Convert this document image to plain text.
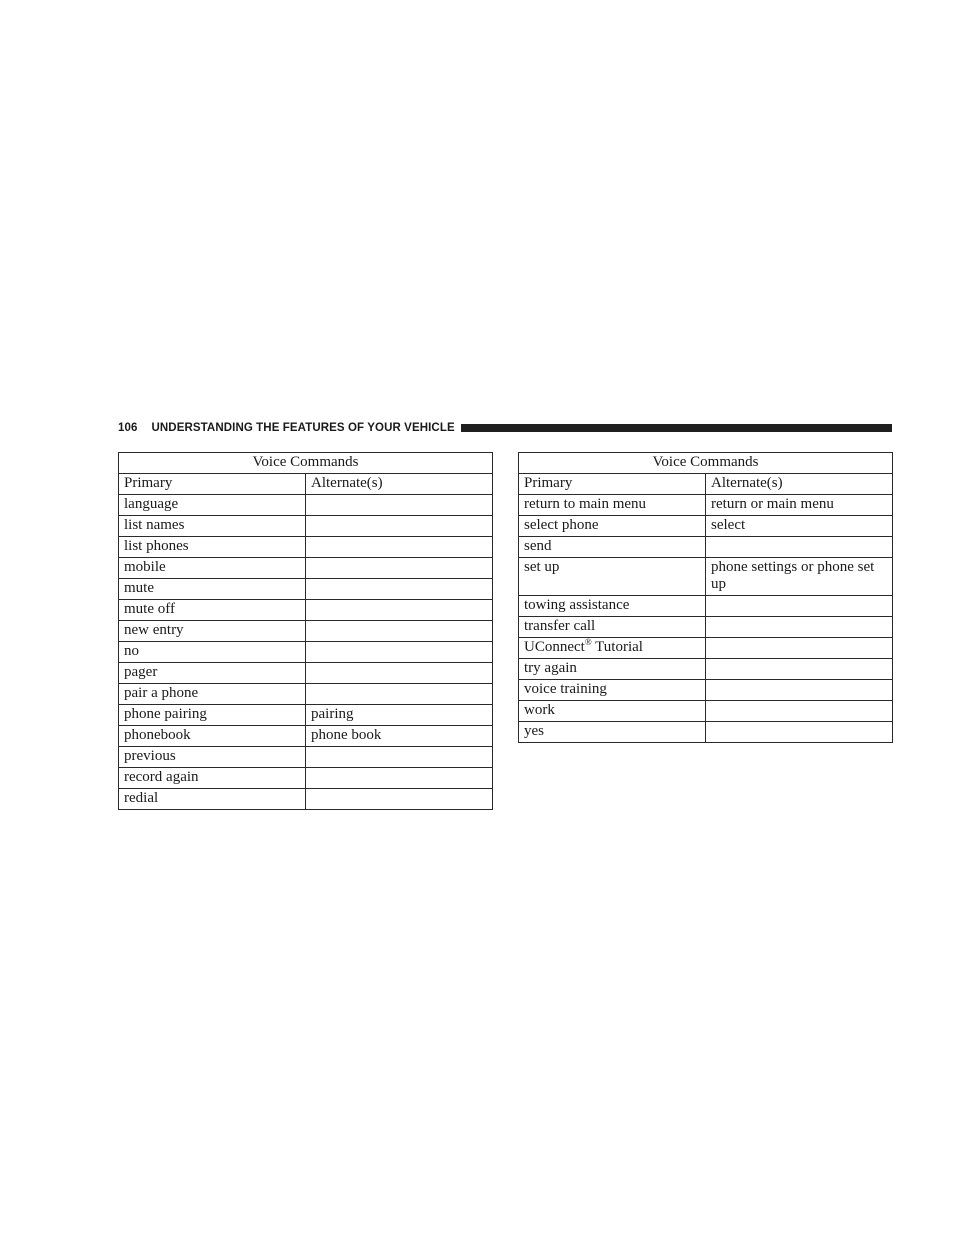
106 UNDERSTANDING THE FEATURES OF YOUR VEHICLE
Voice Commands	
Primary	Alternate(s)
language	
list names	
list phones	
mobile	
mute	
mute off	
new entry	
no	
pager	
pair a phone	
phone pairing	pairing
phonebook	phone book
previous	
record again	
redial	
Voice Commands	
Primary	Alternate(s)
return to main menu	return or main menu
select phone	select
send	
set up	phone settings or phone set up
towing assistance	
transfer call	
UConnect® Tutorial	
try again	
voice training	
work	
yes	
